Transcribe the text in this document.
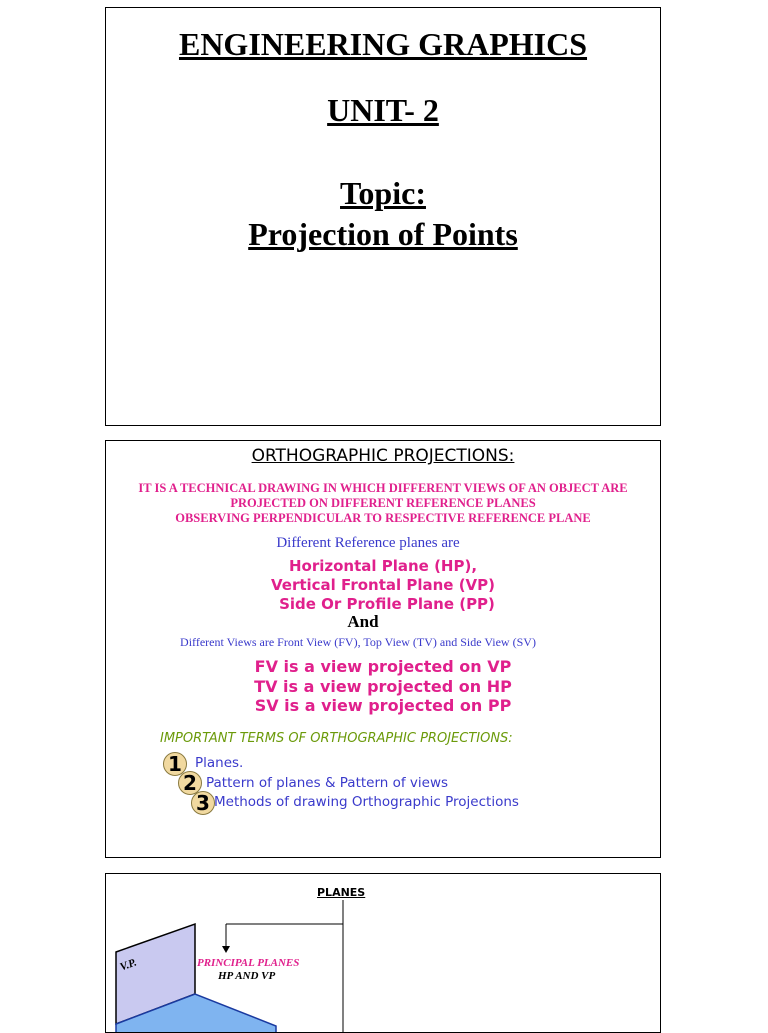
ENGINEERING GRAPHICS
UNIT- 2
Topic:
Projection of Points
ORTHOGRAPHIC PROJECTIONS:
IT IS A TECHNICAL DRAWING IN WHICH DIFFERENT VIEWS OF AN OBJECT ARE
PROJECTED ON DIFFERENT REFERENCE PLANES
OBSERVING PERPENDICULAR TO RESPECTIVE REFERENCE PLANE
Different Reference planes are
Horizontal Plane (HP),
Vertical Frontal Plane (VP)
Side Or Profile Plane (PP)
And
Different Views are Front View (FV), Top View (TV) and Side View (SV)
FV is a view projected on VP
TV is a view projected on HP
SV is a view projected on PP
IMPORTANT TERMS OF ORTHOGRAPHIC PROJECTIONS:
1 Planes.
2 Pattern of planes & Pattern of views
3 Methods of drawing Orthographic Projections
PLANES
V.P.	PRINCIPAL PLANES
HP AND VP
